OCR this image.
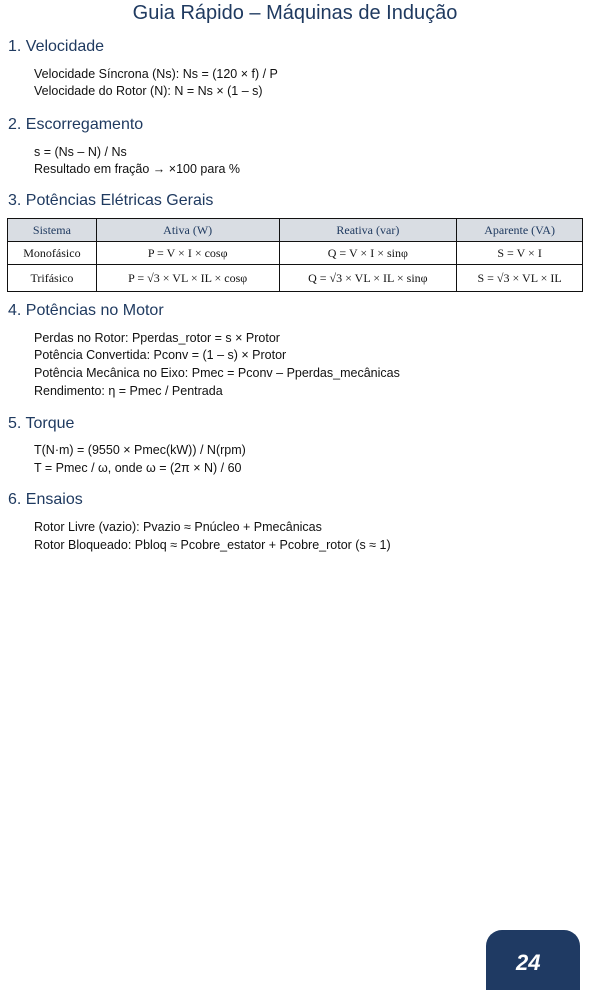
Guia Rápido – Máquinas de Indução
1. Velocidade
Velocidade Síncrona (Ns): Ns = (120 × f) / P
Velocidade do Rotor (N): N = Ns × (1 – s)
2. Escorregamento
s = (Ns – N) / Ns
Resultado em fração → ×100 para %
3. Potências Elétricas Gerais
Sistema	Ativa (W)	Reativa (var)	Aparente (VA)
Monofásico	P = V × I × cosφ	Q = V × I × sinφ	S = V × I
Trifásico	P = √3 × VL × IL × cosφ	Q = √3 × VL × IL × sinφ	S = √3 × VL × IL
4. Potências no Motor
Perdas no Rotor: Pperdas_rotor = s × Protor
Potência Convertida: Pconv = (1 – s) × Protor
Potência Mecânica no Eixo: Pmec = Pconv – Pperdas_mecânicas
Rendimento: η = Pmec / Pentrada
5. Torque
T(N·m) = (9550 × Pmec(kW)) / N(rpm)
T = Pmec / ω, onde ω = (2π × N) / 60
6. Ensaios
Rotor Livre (vazio): Pvazio ≈ Pnúcleo + Pmecânicas
Rotor Bloqueado: Pbloq ≈ Pcobre_estator + Pcobre_rotor (s ≈ 1)
24
